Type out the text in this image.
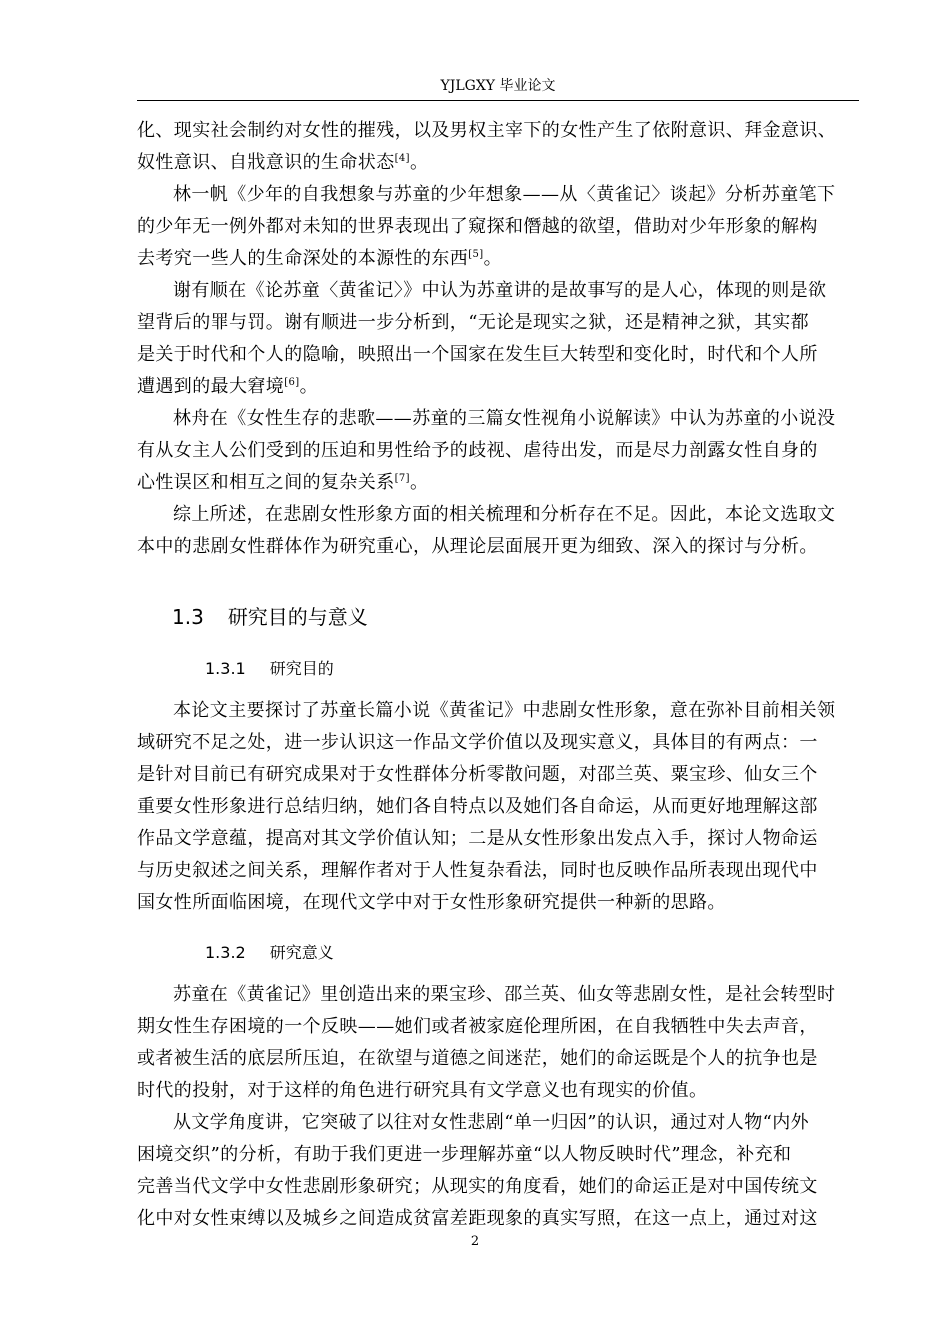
YJLGXY 毕业论文
化、现实社会制约对女性的摧残，以及男权主宰下的女性产生了依附意识、拜金意识、
奴性意识、自戕意识的生命状态[4]。
林一帆《少年的自我想象与苏童的少年想象——从〈黄雀记〉谈起》分析苏童笔下
的少年无一例外都对未知的世界表现出了窥探和僭越的欲望，借助对少年形象的解构
去考究一些人的生命深处的本源性的东西[5]。
谢有顺在《论苏童〈黄雀记〉》中认为苏童讲的是故事写的是人心，体现的则是欲
望背后的罪与罚。谢有顺进一步分析到，“无论是现实之狱，还是精神之狱，其实都
是关于时代和个人的隐喻，映照出一个国家在发生巨大转型和变化时，时代和个人所
遭遇到的最大窘境[6]。
林舟在《女性生存的悲歌——苏童的三篇女性视角小说解读》中认为苏童的小说没
有从女主人公们受到的压迫和男性给予的歧视、虐待出发，而是尽力剖露女性自身的
心性误区和相互之间的复杂关系[7]。
综上所述，在悲剧女性形象方面的相关梳理和分析存在不足。因此，本论文选取文
本中的悲剧女性群体作为研究重心，从理论层面展开更为细致、深入的探讨与分析。
1.3 研究目的与意义
1.3.1 研究目的
本论文主要探讨了苏童长篇小说《黄雀记》中悲剧女性形象，意在弥补目前相关领
域研究不足之处，进一步认识这一作品文学价值以及现实意义，具体目的有两点：一
是针对目前已有研究成果对于女性群体分析零散问题，对邵兰英、粟宝珍、仙女三个
重要女性形象进行总结归纳，她们各自特点以及她们各自命运，从而更好地理解这部
作品文学意蕴，提高对其文学价值认知；二是从女性形象出发点入手，探讨人物命运
与历史叙述之间关系，理解作者对于人性复杂看法，同时也反映作品所表现出现代中
国女性所面临困境，在现代文学中对于女性形象研究提供一种新的思路。
1.3.2 研究意义
苏童在《黄雀记》里创造出来的栗宝珍、邵兰英、仙女等悲剧女性，是社会转型时
期女性生存困境的一个反映——她们或者被家庭伦理所困，在自我牺牲中失去声音，
或者被生活的底层所压迫，在欲望与道德之间迷茫，她们的命运既是个人的抗争也是
时代的投射，对于这样的角色进行研究具有文学意义也有现实的价值。
从文学角度讲，它突破了以往对女性悲剧“单一归因”的认识，通过对人物“内外
困境交织”的分析，有助于我们更进一步理解苏童“以人物反映时代”理念，补充和
完善当代文学中女性悲剧形象研究；从现实的角度看，她们的命运正是对中国传统文
化中对女性束缚以及城乡之间造成贫富差距现象的真实写照，在这一点上，通过对这
2
